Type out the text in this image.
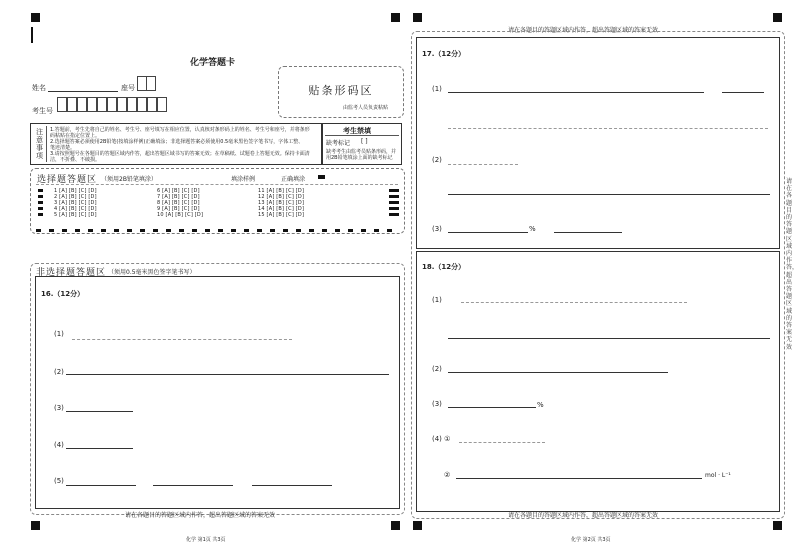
化学答题卡
姓名	座号
考生号
贴条形码区
由监考人员负责粘贴
注意事项
1.答题前，考生先将自己的姓名、考生号、座号填写在相应位置，认真核对条形码上的姓名、考生号和座号，并将条形
码粘贴在指定位置上。
2.选择题答案必须使用2B铅笔(按填涂样例)正确填涂；非选择题答案必须使用0.5毫米黑色签字笔书写，字体工整、
笔迹清楚。
3.请按照题号在各题目的答题区域内作答，超出答题区域书写的答案无效；在草稿纸、试题卷上答题无效。保持卡面清
洁，不折叠、不破损。
考生禁填
缺考标记 [ ]
缺考考生由监考员贴条形码，并用2B铅笔填涂上面的缺考标记
选择题答题区 （须用2B铅笔填涂）	填涂样例	正确填涂
1 [A] [B] [C] [D]	6 [A] [B] [C] [D]	11 [A] [B] [C] [D]
2 [A] [B] [C] [D]	7 [A] [B] [C] [D]	12 [A] [B] [C] [D]
3 [A] [B] [C] [D]	8 [A] [B] [C] [D]	13 [A] [B] [C] [D]
4 [A] [B] [C] [D]	9 [A] [B] [C] [D]	14 [A] [B] [C] [D]
5 [A] [B] [C] [D]	10 [A] [B] [C] [D]	15 [A] [B] [C] [D]
非选择题答题区 （须用0.5毫米黑色签字笔书写）
16.（12分）
(1)
(2)
(3)
(4)
(5)
请在各题目的答题区域内作答，超出答题区域的答案无效
化学 第1页 共3页
请在各题目的答题区域内作答，超出答题区域的答案无效
17.（12分）
(1)
(2)
(3)	%
18.（12分）
(1)
(2)
(3)	%
(4) ①
②	mol · L⁻¹
请在各题目的答题区域内作答，超出答题区域的答案无效
化学 第2页 共3页
请在各题目的答题区域内作答，超出答题区域的答案无效
